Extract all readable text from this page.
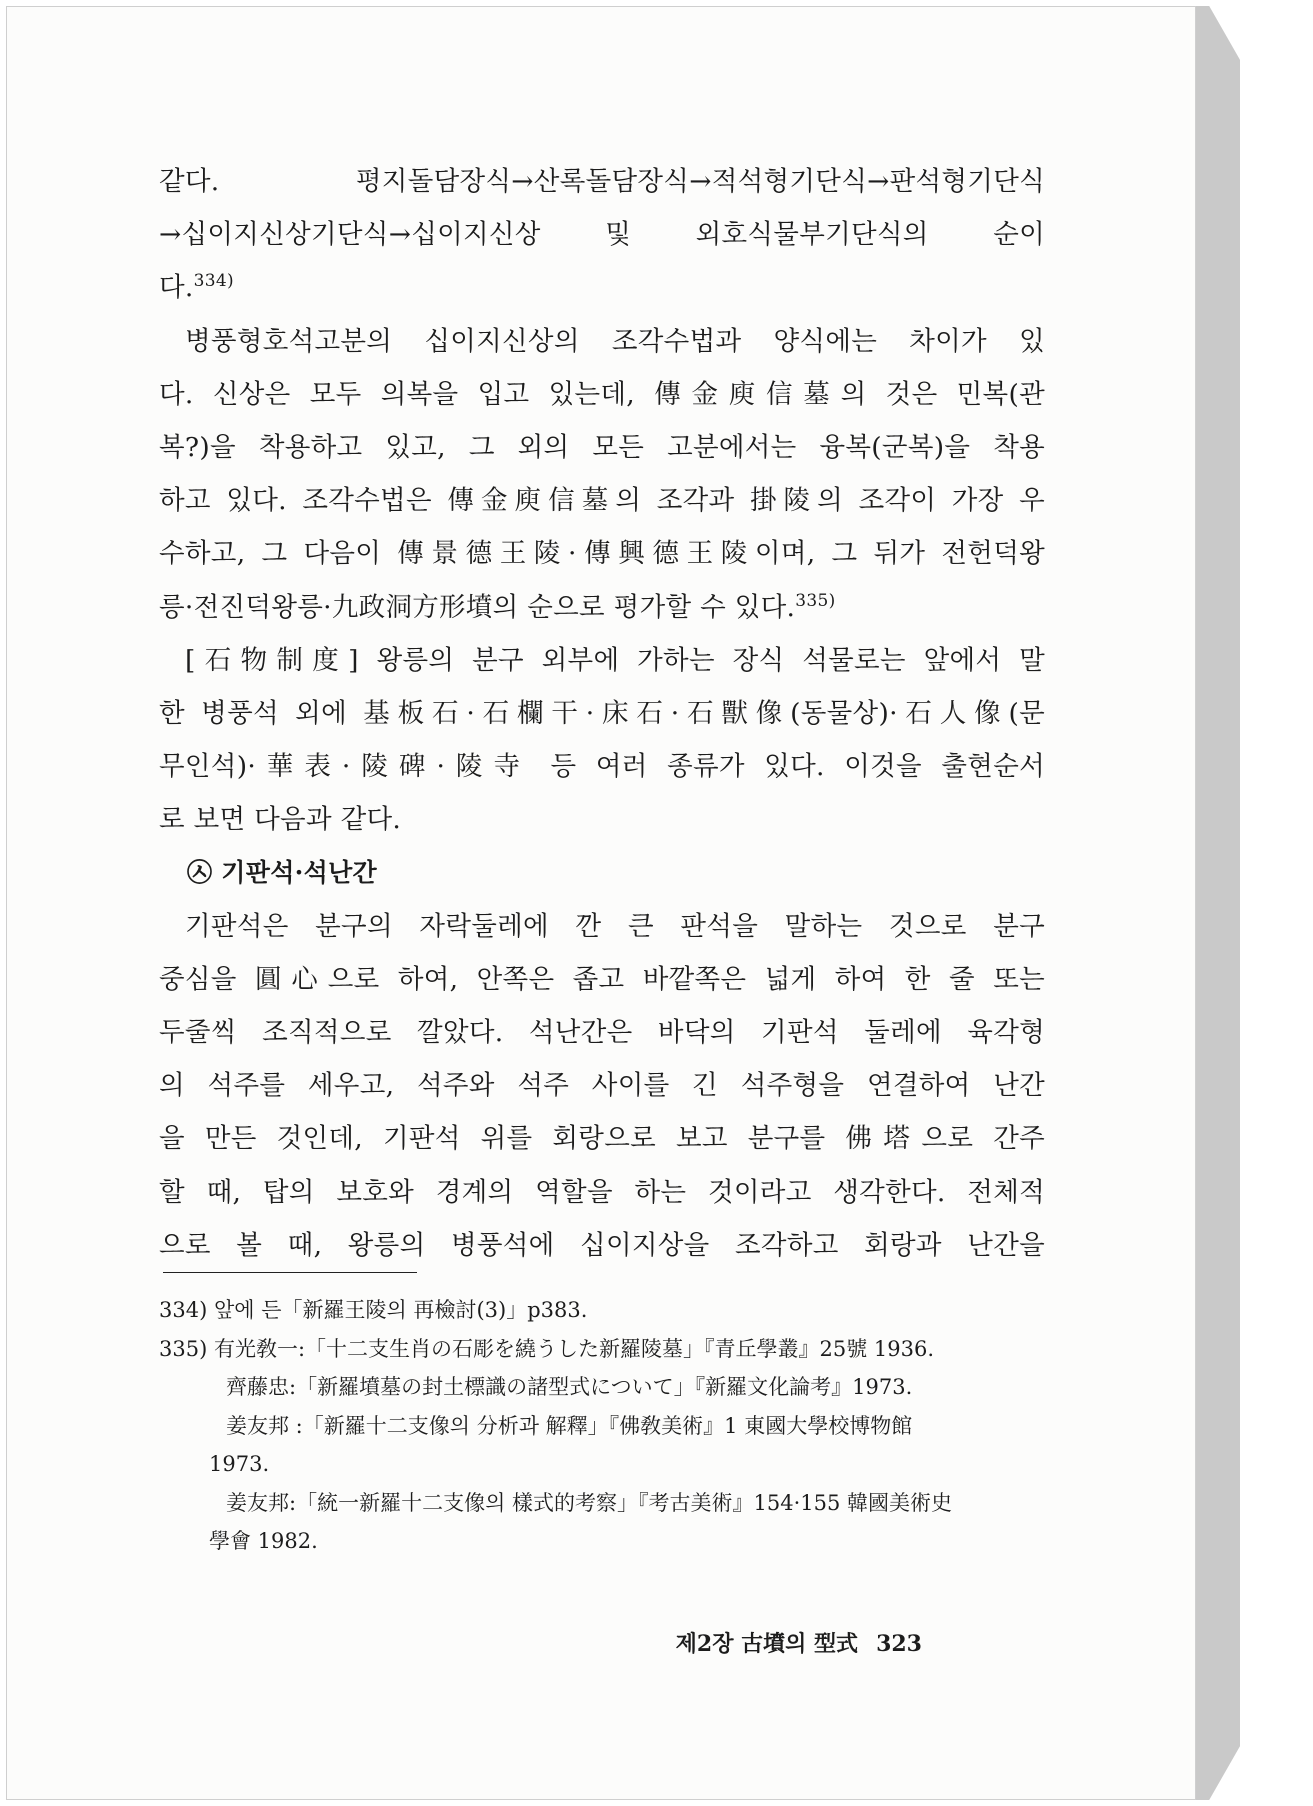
같다. 평지돌담장식→산록돌담장식→적석형기단식→판석형기단식
→십이지신상기단식→십이지신상 및 외호식물부기단식의 순이
다.$^{334)}$
병풍형호석고분의 십이지신상의 조각수법과 양식에는 차이가 있
다. 신상은 모두 의복을 입고 있는데, 傳金庾信墓의 것은 민복(관
복?)을 착용하고 있고, 그 외의 모든 고분에서는 융복(군복)을 착용
하고 있다. 조각수법은 傳金庾信墓의 조각과 掛陵의 조각이 가장 우
수하고, 그 다음이 傳景德王陵·傳興德王陵이며, 그 뒤가 전헌덕왕
릉·전진덕왕릉·九政洞方形墳의 순으로 평가할 수 있다.$^{335)}$
[石物制度] 왕릉의 분구 외부에 가하는 장식 석물로는 앞에서 말
한 병풍석 외에 基板石·石欄干·床石·石獸像(동물상)·石人像(문
무인석)·華表·陵碑·陵寺 등 여러 종류가 있다. 이것을 출현순서
로 보면 다음과 같다.
㉦ 기판석·석난간
기판석은 분구의 자락둘레에 깐 큰 판석을 말하는 것으로 분구
중심을 圓心으로 하여, 안쪽은 좁고 바깥쪽은 넓게 하여 한 줄 또는
두줄씩 조직적으로 깔았다. 석난간은 바닥의 기판석 둘레에 육각형
의 석주를 세우고, 석주와 석주 사이를 긴 석주형을 연결하여 난간
을 만든 것인데, 기판석 위를 회랑으로 보고 분구를 佛塔으로 간주
할 때, 탑의 보호와 경계의 역할을 하는 것이라고 생각한다. 전체적
으로 볼 때, 왕릉의 병풍석에 십이지상을 조각하고 회랑과 난간을
334) 앞에 든「新羅王陵의 再檢討(3)」p383.
335) 有光敎一:「十二支生肖の石彫を繞うした新羅陵墓」『青丘學叢』25號 1936.
齊藤忠:「新羅墳墓の封土標識の諸型式について」『新羅文化論考』1973.
姜友邦 :「新羅十二支像의 分析과 解釋」『佛敎美術』1 東國大學校博物館
1973.
姜友邦:「統一新羅十二支像의 樣式的考察」『考古美術』154·155 韓國美術史
學會 1982.
제2장 古墳의 型式 323
